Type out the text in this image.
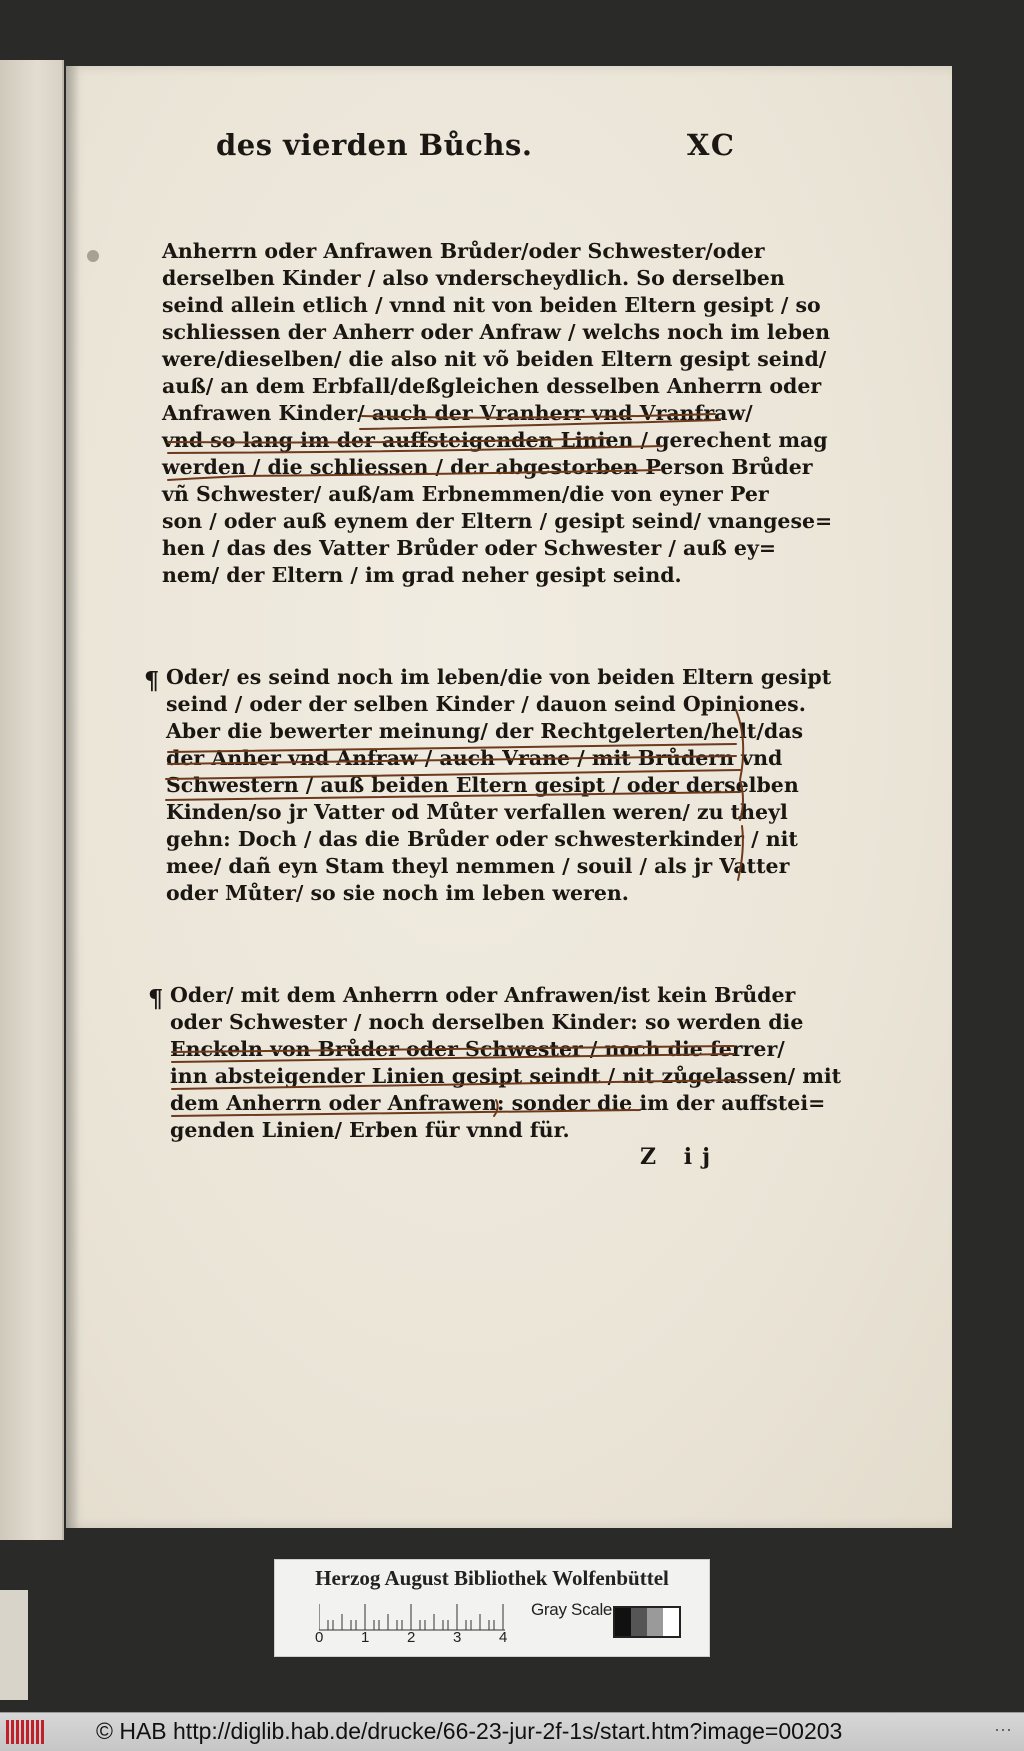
des vierden Bůchs.	XC
Anherrn oder Anfrawen Brůder/oder Schwester/oder
derselben Kinder / also vnderscheydlich. So derselben
seind allein etlich / vnnd nit von beiden Eltern gesipt / so
schliessen der Anherr oder Anfraw / welchs noch im leben
were/dieselben/ die also nit võ beiden Eltern gesipt seind/
auß/ an dem Erbfall/deßgleichen desselben Anherrn oder
Anfrawen Kinder/ auch der Vranherr vnd Vranfraw/
vnd so lang im der auffsteigenden Linien / gerechent mag
werden / die schliessen / der abgestorben Person Brůder
vñ Schwester/ auß/am Erbnemmen/die von eyner Per
son / oder auß eynem der Eltern / gesipt seind/ vnangese=
hen / das des Vatter Brůder oder Schwester / auß ey=
nem/ der Eltern / im grad neher gesipt seind.
¶ Oder/ es seind noch im leben/die von beiden Eltern gesipt
seind / oder der selben Kinder / dauon seind Opiniones.
Aber die bewerter meinung/ der Rechtgelerten/helt/das
der Anher vnd Anfraw / auch Vrane / mit Brůdern vnd
Schwestern / auß beiden Eltern gesipt / oder derselben
Kinden/so jr Vatter od Můter verfallen weren/ zu theyl
gehn: Doch / das die Brůder oder schwesterkinder / nit
mee/ dañ eyn Stam theyl nemmen / souil / als jr Vatter
oder Můter/ so sie noch im leben weren.
¶ Oder/ mit dem Anherrn oder Anfrawen/ist kein Brůder
oder Schwester / noch derselben Kinder: so werden die
Enckeln von Brůder oder Schwester / noch die ferrer/
inn absteigender Linien gesipt seindt / nit zůgelassen/ mit
dem Anherrn oder Anfrawen: sonder die im der auffstei=
genden Linien/ Erben für vnnd für.
Z ij
Herzog August Bibliothek Wolfenbüttel
0	1	2	3	4
Gray Scale
© HAB http://diglib.hab.de/drucke/66-23-jur-2f-1s/start.htm?image=00203	···
